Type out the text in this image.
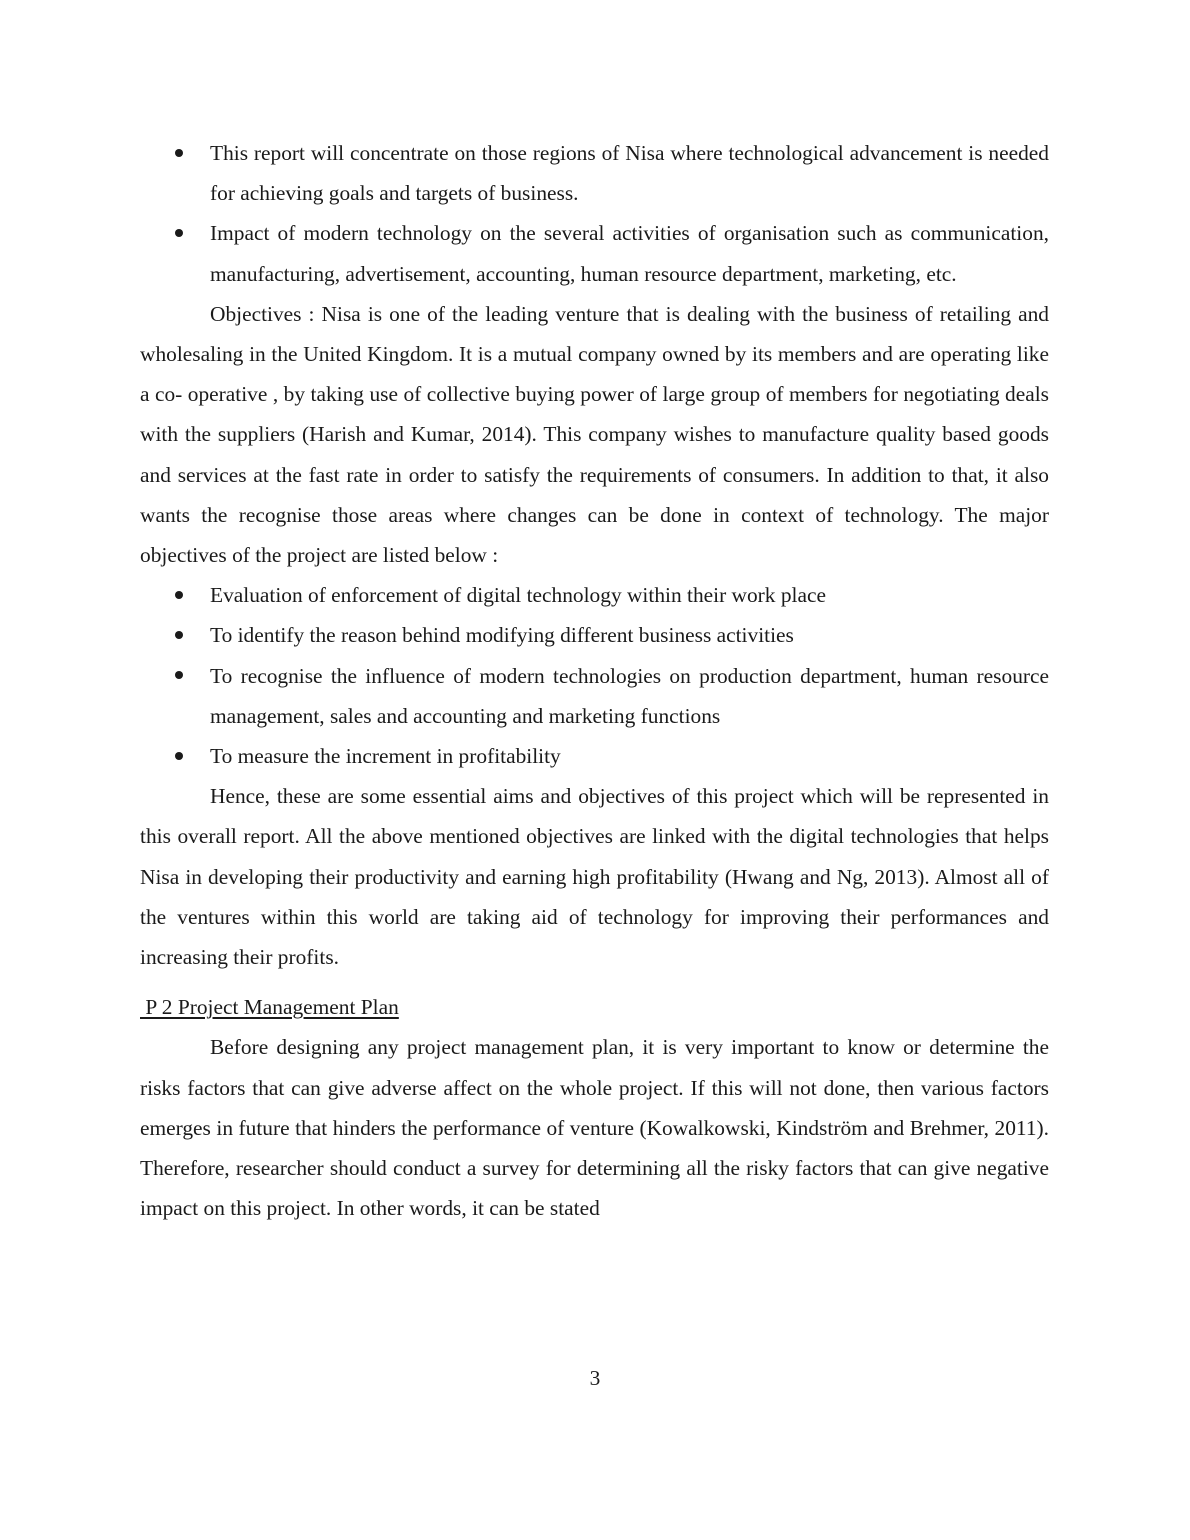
This report will concentrate on those regions of Nisa where technological advancement is needed for achieving goals and targets of business.
Impact of modern technology on the several activities of organisation such as communication, manufacturing, advertisement, accounting, human resource department, marketing, etc.

Objectives : Nisa is one of the leading venture that is dealing with the business of retailing and wholesaling in the United Kingdom. It is a mutual company owned by its members and are operating like a co- operative , by taking use of collective buying power of large group of members for negotiating deals with the suppliers (Harish and Kumar, 2014). This company wishes to manufacture quality based goods and services at the fast rate in order to satisfy the requirements of consumers. In addition to that, it also wants the recognise those areas where changes can be done in context of technology. The major objectives of the project are listed below :

Evaluation of enforcement of digital technology within their work place
To identify the reason behind modifying different business activities
To recognise the influence of modern technologies on production department, human resource management, sales and accounting and marketing functions
To measure the increment in profitability

Hence, these are some essential aims and objectives of this project which will be represented in this overall report. All the above mentioned objectives are linked with the digital technologies that helps Nisa in developing their productivity and earning high profitability (Hwang and Ng, 2013). Almost all of the ventures within this world are taking aid of technology for improving their performances and increasing their profits.

P 2 Project Management Plan

Before designing any project management plan, it is very important to know or determine the risks factors that can give adverse affect on the whole project. If this will not done, then various factors emerges in future that hinders the performance of venture (Kowalkowski, Kindström and Brehmer, 2011). Therefore, researcher should conduct a survey for determining all the risky factors that can give negative impact on this project. In other words, it can be stated

3
